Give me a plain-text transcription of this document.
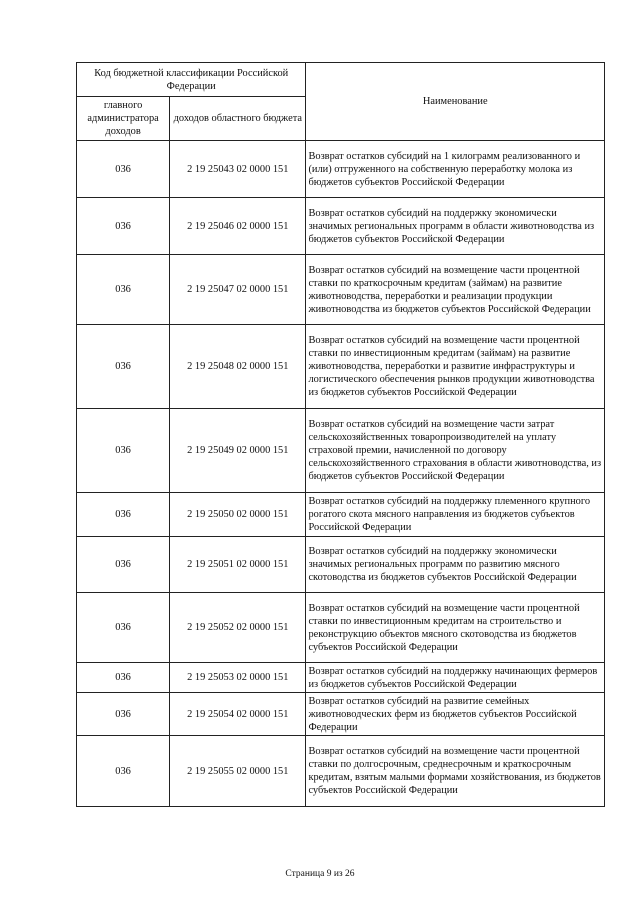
Код бюджетной классификации Российской Федерации		Наименование
главного администратора доходов	доходов областного бюджета	
036	2 19 25043 02 0000 151	Возврат остатков субсидий на 1 килограмм реализованного и (или) отгруженного на собственную переработку молока из бюджетов субъектов Российской Федерации
036	2 19 25046 02 0000 151	Возврат остатков субсидий на поддержку экономически значимых региональных программ в области животноводства из бюджетов субъектов Российской Федерации
036	2 19 25047 02 0000 151	Возврат остатков субсидий на возмещение части процентной ставки по краткосрочным кредитам (займам) на развитие животноводства, переработки и реализации продукции животноводства из бюджетов субъектов Российской Федерации
036	2 19 25048 02 0000 151	Возврат остатков субсидий на возмещение части процентной ставки по инвестиционным кредитам (займам) на развитие животноводства, переработки и развитие инфраструктуры и логистического обеспечения рынков продукции животноводства из бюджетов субъектов Российской Федерации
036	2 19 25049 02 0000 151	Возврат остатков субсидий на возмещение части затрат сельскохозяйственных товаропроизводителей на уплату страховой премии, начисленной по договору сельскохозяйственного страхования в области животноводства, из бюджетов субъектов Российской Федерации
036	2 19 25050 02 0000 151	Возврат остатков субсидий на поддержку племенного крупного рогатого скота мясного направления из бюджетов субъектов Российской Федерации
036	2 19 25051 02 0000 151	Возврат остатков субсидий на поддержку экономически значимых региональных программ по развитию мясного скотоводства из бюджетов субъектов Российской Федерации
036	2 19 25052 02 0000 151	Возврат остатков субсидий на возмещение части процентной ставки по инвестиционным кредитам на строительство и реконструкцию объектов мясного скотоводства из бюджетов субъектов Российской Федерации
036	2 19 25053 02 0000 151	Возврат остатков субсидий на поддержку начинающих фермеров из бюджетов субъектов Российской Федерации
036	2 19 25054 02 0000 151	Возврат остатков субсидий на развитие семейных животноводческих ферм из бюджетов субъектов Российской Федерации
036	2 19 25055 02 0000 151	Возврат остатков субсидий на возмещение части процентной ставки по долгосрочным, среднесрочным и краткосрочным кредитам, взятым малыми формами хозяйствования, из бюджетов субъектов Российской Федерации
Страница 9 из 26
